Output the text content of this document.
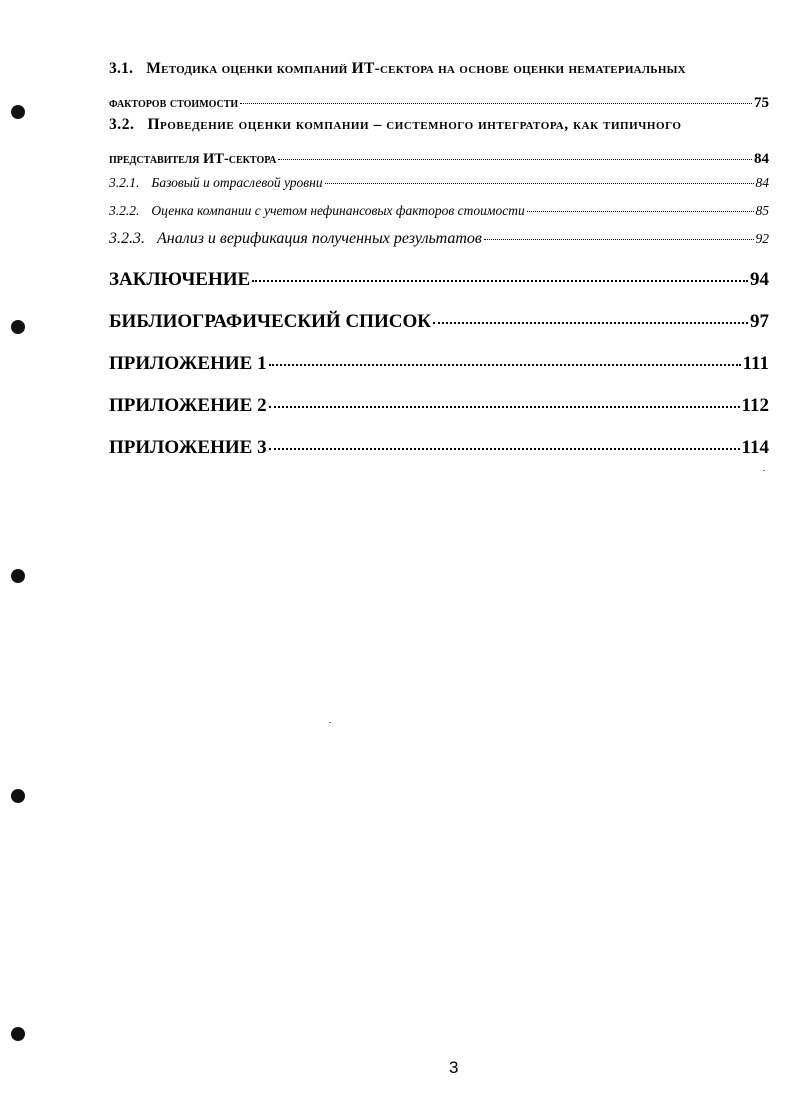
3.1. Методика оценки компаний ИТ-сектора на основе оценки нематериальных
факторов стоимости	75
3.2. Проведение оценки компании – системного интегратора, как типичного
представителя ИТ-сектора	84
3.2.1. Базовый и отраслевой уровни	84
3.2.2. Оценка компании с учетом нефинансовых факторов стоимости	85
3.2.3. Анализ и верификация полученных результатов	92
ЗАКЛЮЧЕНИЕ	94
БИБЛИОГРАФИЧЕСКИЙ СПИСОК	97
ПРИЛОЖЕНИЕ 1	111
ПРИЛОЖЕНИЕ 2	112
ПРИЛОЖЕНИЕ 3	114
3
